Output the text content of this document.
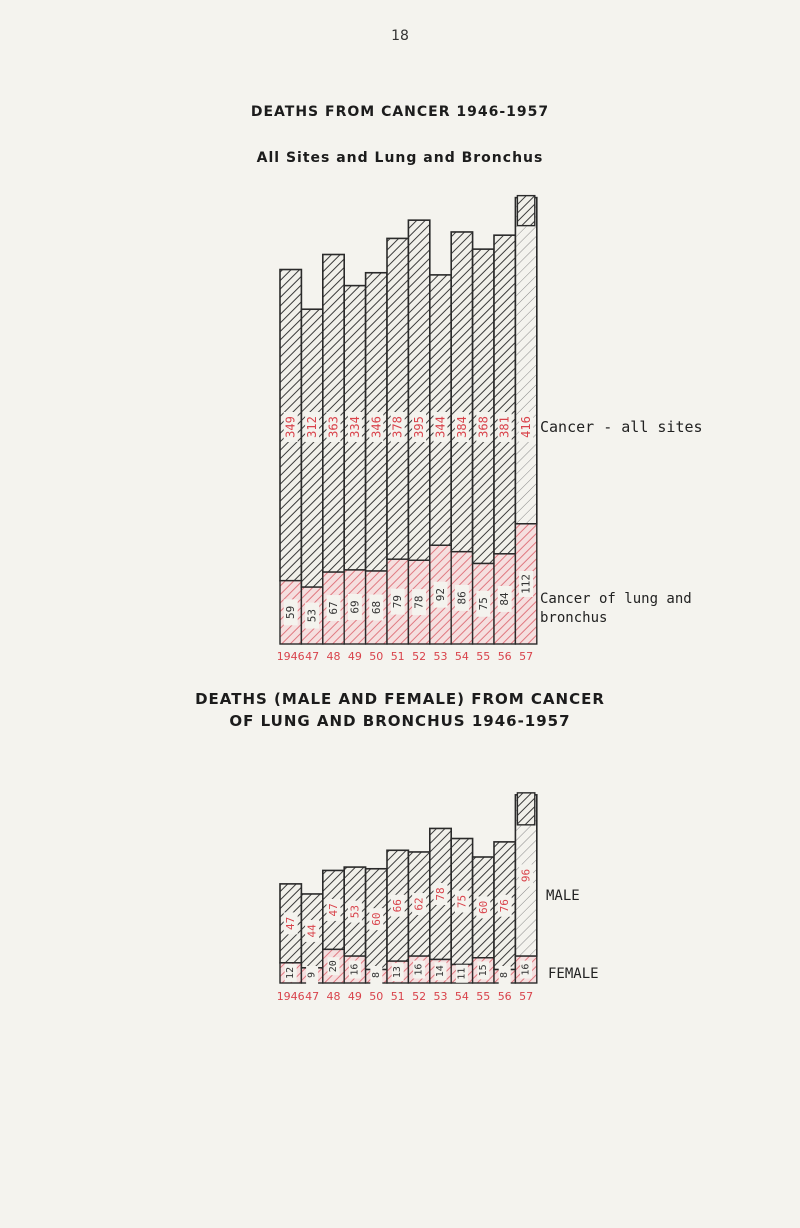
18
DEATHS FROM CANCER 1946-1957
All Sites and Lung and Bronchus
DEATHS (MALE AND FEMALE) FROM CANCER
OF LUNG AND BRONCHUS 1946-1957
349
59
1946
312
53
47
363
67
48
334
69
49
346
68
50
378
79
51
395
78
52
344
92
53
384
86
54
368
75
55
381
84
56
416
112
57
47
12
1946
44
9
47
47
20
48
53
16
49
60
8
50
66
13
51
62
16
52
78
14
53
75
11
54
60
15
55
76
8
56
96
16
57
Cancer - all sites
Cancer of lung and bronchus
MALE
FEMALE
